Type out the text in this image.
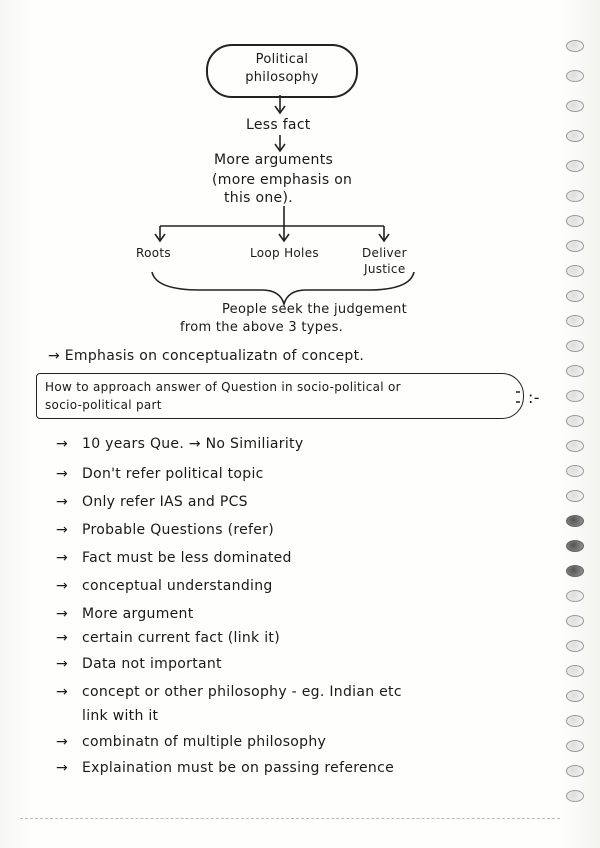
Political
philosophy
Less fact
More arguments
(more emphasis on
this one).
Roots	Loop Holes	Deliver
Justice
People seek the judgement
from the above 3 types.
→ Emphasis on conceptualizatn of concept.
How to approach answer of Question in socio-political or
socio-political part	:-
→ 10 years Que. → No Similiarity
→ Don't refer political topic
→ Only refer IAS and PCS
→ Probable Questions (refer)
→ Fact must be less dominated
→ conceptual understanding
→ More argument
→ certain current fact (link it)
→ Data not important
→ concept or other philosophy - eg. Indian etc
link with it
→ combinatn of multiple philosophy
→ Explaination must be on passing reference
